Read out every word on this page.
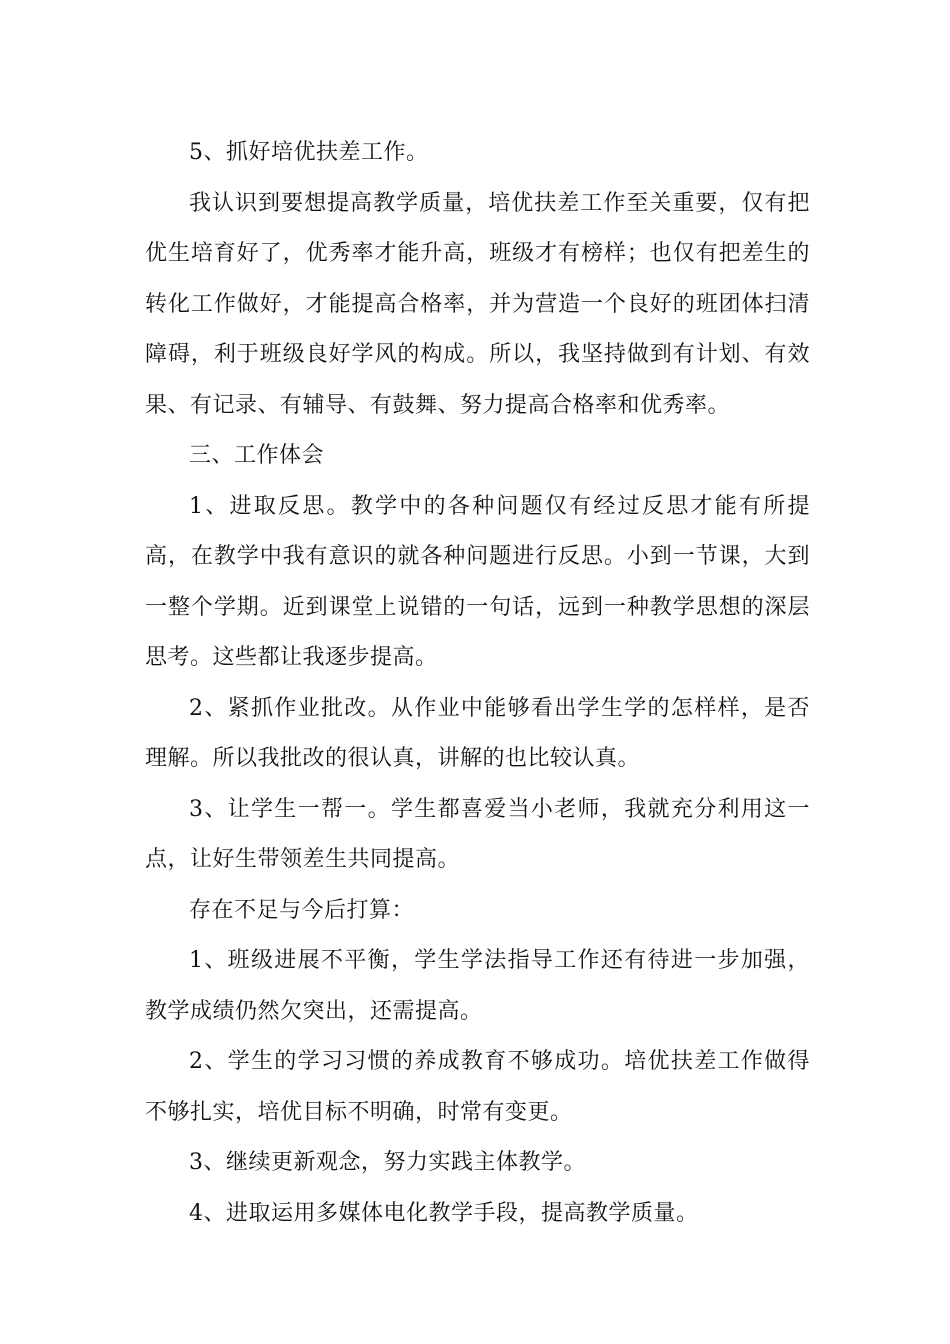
5、抓好培优扶差工作。

我认识到要想提高教学质量，培优扶差工作至关重要，仅有把优生培育好了，优秀率才能升高，班级才有榜样；也仅有把差生的转化工作做好，才能提高合格率，并为营造一个良好的班团体扫清障碍，利于班级良好学风的构成。所以，我坚持做到有计划、有效果、有记录、有辅导、有鼓舞、努力提高合格率和优秀率。

三、工作体会

1、进取反思。教学中的各种问题仅有经过反思才能有所提高，在教学中我有意识的就各种问题进行反思。小到一节课，大到一整个学期。近到课堂上说错的一句话，远到一种教学思想的深层思考。这些都让我逐步提高。

2、紧抓作业批改。从作业中能够看出学生学的怎样样，是否理解。所以我批改的很认真，讲解的也比较认真。

3、让学生一帮一。学生都喜爱当小老师，我就充分利用这一点，让好生带领差生共同提高。

存在不足与今后打算：

1、班级进展不平衡，学生学法指导工作还有待进一步加强，教学成绩仍然欠突出，还需提高。

2、学生的学习习惯的养成教育不够成功。培优扶差工作做得不够扎实，培优目标不明确，时常有变更。

3、继续更新观念，努力实践主体教学。

4、进取运用多媒体电化教学手段，提高教学质量。
